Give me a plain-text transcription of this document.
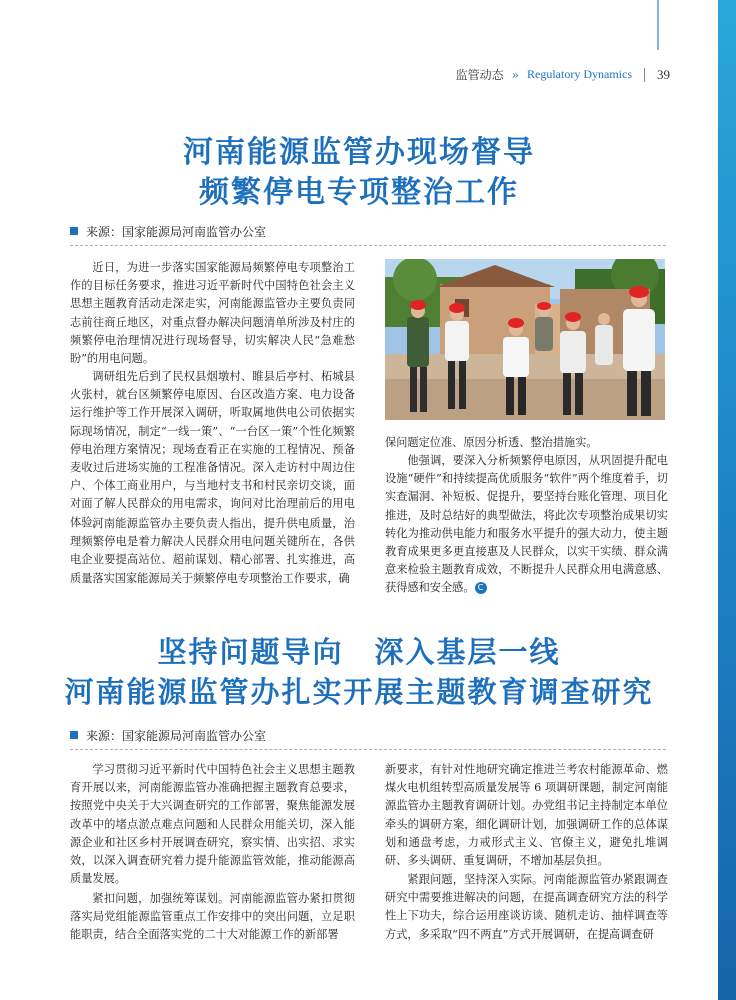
监管动态 » Regulatory Dynamics 39
河南能源监管办现场督导
频繁停电专项整治工作
来源：国家能源局河南监管办公室
近日，为进一步落实国家能源局频繁停电专项整治工作的目标任务要求，推进习近平新时代中国特色社会主义思想主题教育活动走深走实，河南能源监管办主要负责同志前往商丘地区，对重点督办解决问题清单所涉及村庄的频繁停电治理情况进行现场督导，切实解决人民“急难愁盼”的用电问题。
调研组先后到了民权县烟墩村、睢县后亭村、柘城县火张村，就台区频繁停电原因、台区改造方案、电力设备运行维护等工作开展深入调研，听取属地供电公司依据实际现场情况，制定“一线一策”、“一台区一策”个性化频繁停电治理方案情况；现场查看正在实施的工程情况、预备麦收过后进场实施的工程准备情况。深入走访村中周边住户、个体工商业用户，与当地村支书和村民亲切交谈，面对面了解人民群众的用电需求，询问对比治理前后的用电体验。
河南能源监管办主要负责人指出，提升供电质量，治理频繁停电是着力解决人民群众用电问题关键所在，各供电企业要提高站位、超前谋划、精心部署、扎实推进，高质量落实国家能源局关于频繁停电专项整治工作要求，确
保问题定位准、原因分析透、整治措施实。
他强调，要深入分析频繁停电原因，从巩固提升配电设施“硬件”和持续提高优质服务“软件”两个维度着手，切实查漏洞、补短板、促提升，要坚持台账化管理、项目化推进，及时总结好的典型做法，将此次专项整治成果切实转化为推动供电能力和服务水平提升的强大动力，使主题教育成果更多更直接惠及人民群众，以实干实绩、群众满意来检验主题教育成效，不断提升人民群众用电满意感、获得感和安全感。 C
坚持问题导向　深入基层一线
河南能源监管办扎实开展主题教育调查研究
来源：国家能源局河南监管办公室
学习贯彻习近平新时代中国特色社会主义思想主题教育开展以来，河南能源监管办准确把握主题教育总要求，按照党中央关于大兴调查研究的工作部署，聚焦能源发展改革中的堵点淤点难点问题和人民群众用能关切，深入能源企业和社区乡村开展调查研究，察实情、出实招、求实效，以深入调查研究着力提升能源监管效能，推动能源高质量发展。
紧扣问题，加强统筹谋划。河南能源监管办紧扣贯彻落实局党组能源监管重点工作安排中的突出问题，立足职能职责，结合全面落实党的二十大对能源工作的新部署
新要求，有针对性地研究确定推进兰考农村能源革命、燃煤火电机组转型高质量发展等 6 项调研课题，制定河南能源监管办主题教育调研计划。办党组书记主持制定本单位牵头的调研方案，细化调研计划，加强调研工作的总体谋划和通盘考虑，力戒形式主义、官僚主义，避免扎堆调研、多头调研、重复调研，不增加基层负担。
紧跟问题，坚持深入实际。河南能源监管办紧跟调查研究中需要推进解决的问题，在提高调查研究方法的科学性上下功夫，综合运用座谈访谈、随机走访、抽样调查等方式，多采取“四不两直”方式开展调研，在提高调查研
